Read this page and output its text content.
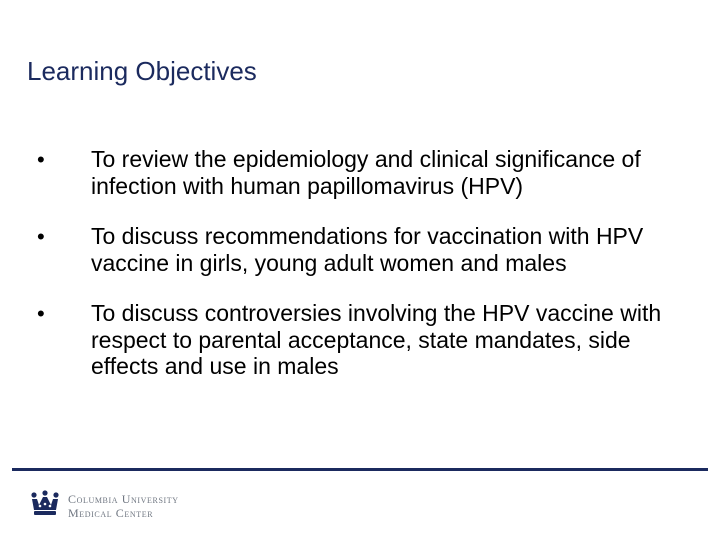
Learning Objectives
• To review the epidemiology and clinical significance of infection with human papillomavirus (HPV)
• To discuss recommendations for vaccination with HPV vaccine in girls, young adult women and males
• To discuss controversies involving the HPV vaccine with respect to parental acceptance, state mandates, side effects and use in males
Columbia University
Medical Center
